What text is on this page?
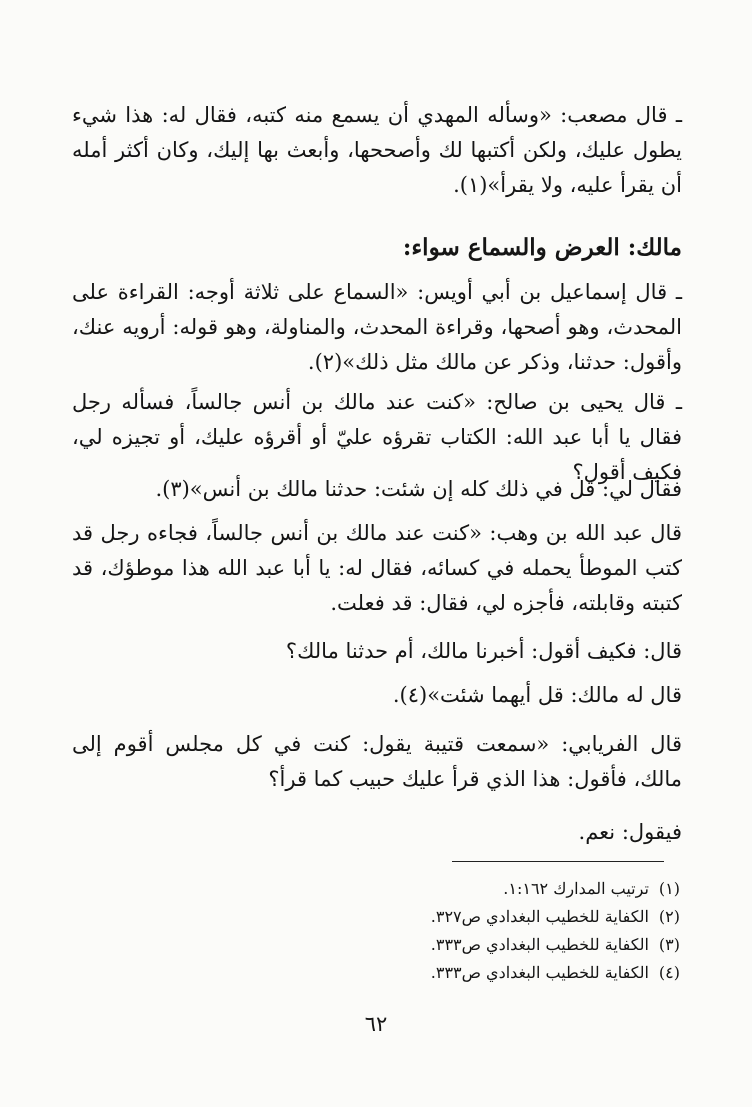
ـ قال مصعب: «وسأله المهدي أن يسمع منه كتبه، فقال له: هذا شيء يطول عليك، ولكن أكتبها لك وأصححها، وأبعث بها إليك، وكان أكثر أمله أن يقرأ عليه، ولا يقرأ»(١).
مالك: العرض والسماع سواء:
ـ قال إسماعيل بن أبي أويس: «السماع على ثلاثة أوجه: القراءة على المحدث، وهو أصحها، وقراءة المحدث، والمناولة، وهو قوله: أرويه عنك، وأقول: حدثنا، وذكر عن مالك مثل ذلك»(٢).
ـ قال يحيى بن صالح: «كنت عند مالك بن أنس جالساً، فسأله رجل فقال يا أبا عبد الله: الكتاب تقرؤه عليّ أو أقرؤه عليك، أو تجيزه لي، فكيف أقول؟
فقال لي: قل في ذلك كله إن شئت: حدثنا مالك بن أنس»(٣).
قال عبد الله بن وهب: «كنت عند مالك بن أنس جالساً، فجاءه رجل قد كتب الموطأ يحمله في كسائه، فقال له: يا أبا عبد الله هذا موطؤك، قد كتبته وقابلته، فأجزه لي، فقال: قد فعلت.
قال: فكيف أقول: أخبرنا مالك، أم حدثنا مالك؟
قال له مالك: قل أيهما شئت»(٤).
قال الفريابي: «سمعت قتيبة يقول: كنت في كل مجلس أقوم إلى مالك، فأقول: هذا الذي قرأ عليك حبيب كما قرأ؟
فيقول: نعم.
(١)ترتيب المدارك ١:١٦٢.
(٢)الكفاية للخطيب البغدادي ص٣٢٧.
(٣)الكفاية للخطيب البغدادي ص٣٣٣.
(٤)الكفاية للخطيب البغدادي ص٣٣٣.
٦٢
